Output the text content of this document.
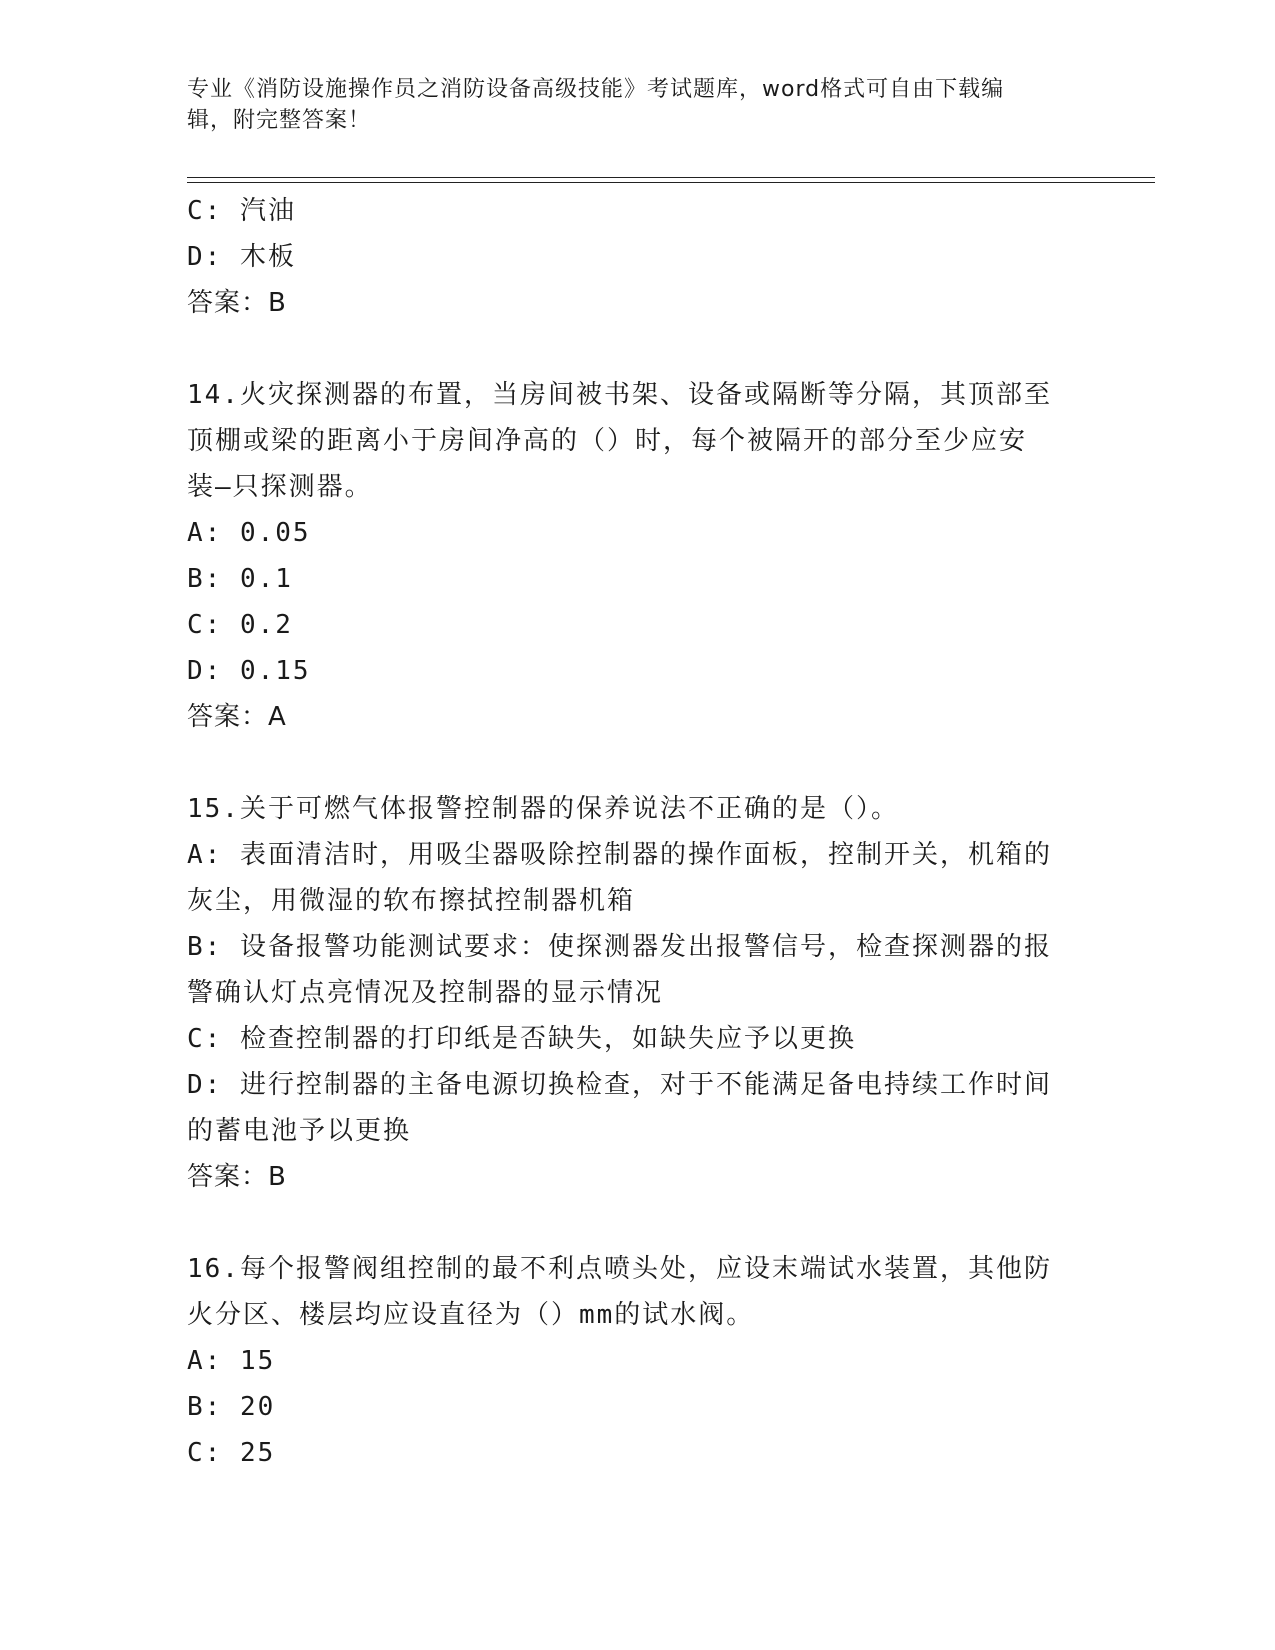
专业《消防设施操作员之消防设备高级技能》考试题库，word格式可自由下载编
辑，附完整答案！
C: 汽油
D: 木板
答案：B
14.火灾探测器的布置，当房间被书架、设备或隔断等分隔，其顶部至
顶棚或梁的距离小于房间净高的（）时，每个被隔开的部分至少应安
装—只探测器。
A: 0.05
B: 0.1
C: 0.2
D: 0.15
答案：A
15.关于可燃气体报警控制器的保养说法不正确的是（）。
A: 表面清洁时，用吸尘器吸除控制器的操作面板，控制开关，机箱的
灰尘，用微湿的软布擦拭控制器机箱
B: 设备报警功能测试要求：使探测器发出报警信号，检查探测器的报
警确认灯点亮情况及控制器的显示情况
C: 检查控制器的打印纸是否缺失，如缺失应予以更换
D: 进行控制器的主备电源切换检查，对于不能满足备电持续工作时间
的蓄电池予以更换
答案：B
16.每个报警阀组控制的最不利点喷头处，应设末端试水装置，其他防
火分区、楼层均应设直径为（）mm的试水阀。
A: 15
B: 20
C: 25
